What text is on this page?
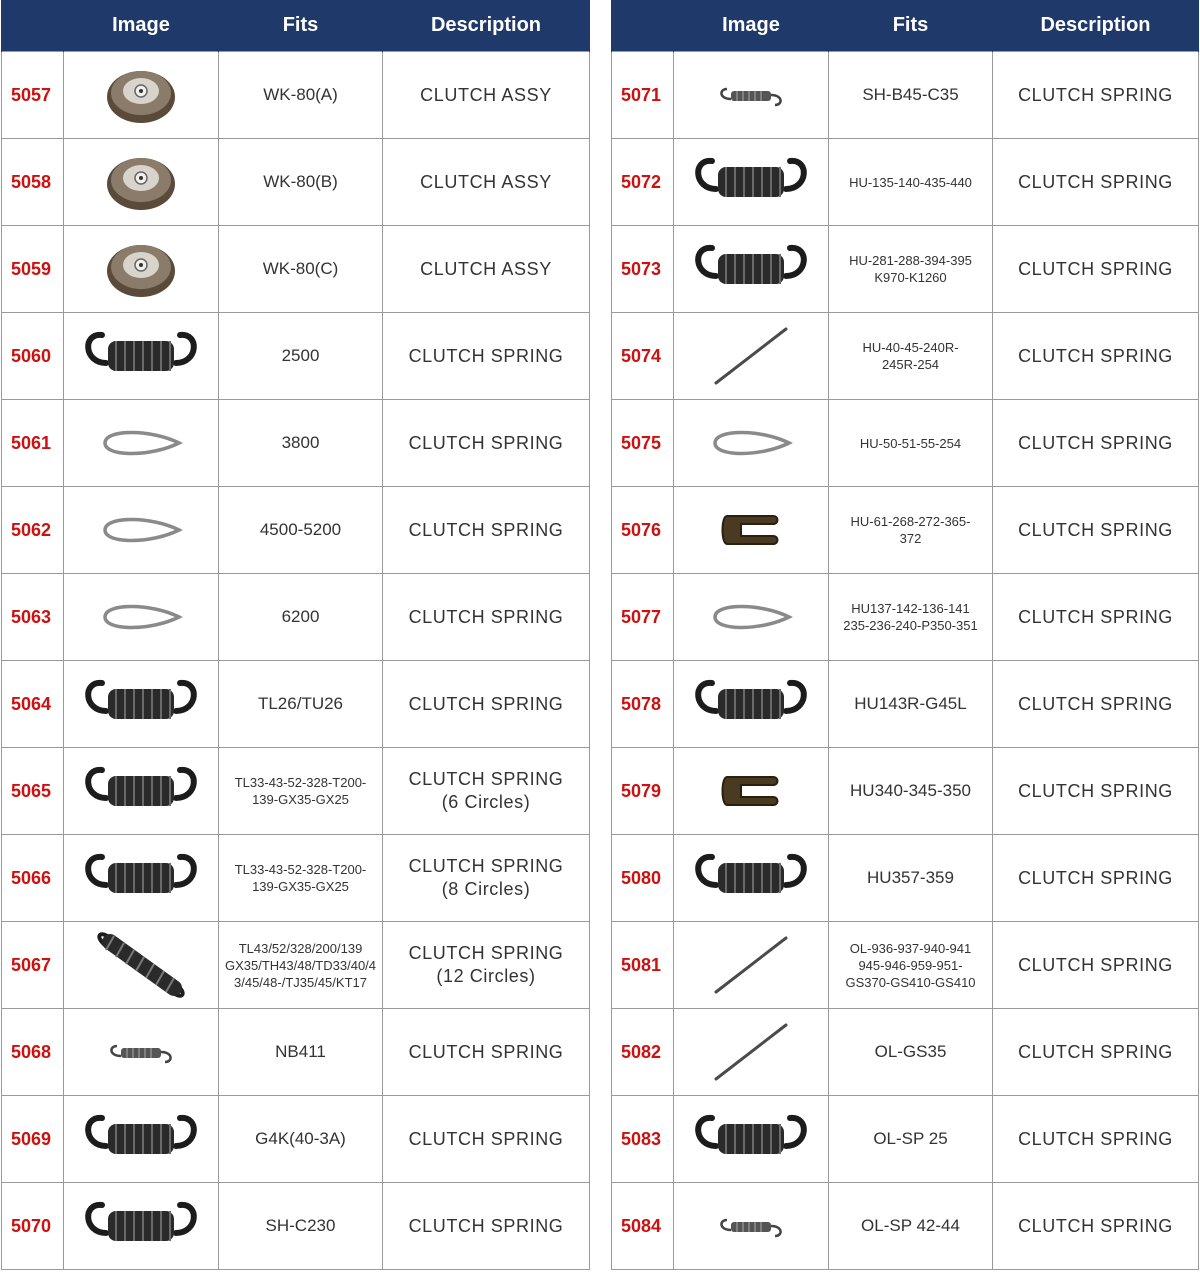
	Image	Fits	Description
5057		WK-80(A)	CLUTCH ASSY
5058		WK-80(B)	CLUTCH ASSY
5059		WK-80(C)	CLUTCH ASSY
5060		2500	CLUTCH SPRING
5061		3800	CLUTCH SPRING
5062		4500-5200	CLUTCH SPRING
5063		6200	CLUTCH SPRING
5064		TL26/TU26	CLUTCH SPRING
5065		TL33-43-52-328-T200-
139-GX35-GX25	CLUTCH SPRING
(6 Circles)
5066		TL33-43-52-328-T200-
139-GX35-GX25	CLUTCH SPRING
(8 Circles)
5067		TL43/52/328/200/139
GX35/TH43/48/TD33/40/4
3/45/48-/TJ35/45/KT17	CLUTCH SPRING
(12 Circles)
5068		NB411	CLUTCH SPRING
5069		G4K(40-3A)	CLUTCH SPRING
5070		SH-C230	CLUTCH SPRING
	Image	Fits	Description
5071		SH-B45-C35	CLUTCH SPRING
5072		HU-135-140-435-440	CLUTCH SPRING
5073		HU-281-288-394-395
K970-K1260	CLUTCH SPRING
5074		HU-40-45-240R-
245R-254	CLUTCH SPRING
5075		HU-50-51-55-254	CLUTCH SPRING
5076		HU-61-268-272-365-
372	CLUTCH SPRING
5077		HU137-142-136-141
235-236-240-P350-351	CLUTCH SPRING
5078		HU143R-G45L	CLUTCH SPRING
5079		HU340-345-350	CLUTCH SPRING
5080		HU357-359	CLUTCH SPRING
5081		OL-936-937-940-941
945-946-959-951-
GS370-GS410-GS410	CLUTCH SPRING
5082		OL-GS35	CLUTCH SPRING
5083		OL-SP 25	CLUTCH SPRING
5084		OL-SP 42-44	CLUTCH SPRING
